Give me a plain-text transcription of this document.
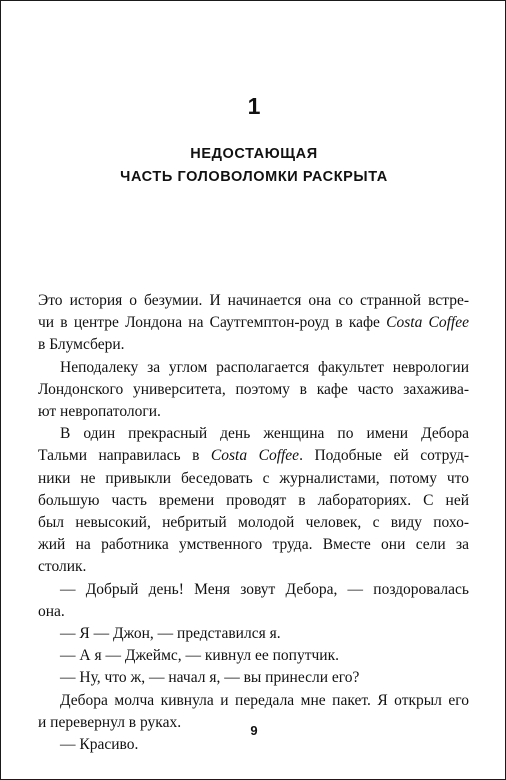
1
НЕДОСТАЮЩАЯ
ЧАСТЬ ГОЛОВОЛОМКИ РАСКРЫТА
Это история о безумии. И начинается она со странной встре-
чи в центре Лондона на Саутгемптон-роуд в кафе Costa Coffee
в Блумсбери.
Неподалеку за углом располагается факультет неврологии
Лондонского университета, поэтому в кафе часто захаживa-
ют невропатологи.
В один прекрасный день женщина по имени Дебора
Тальми направилась в Costa Coffee. Подобные ей сотруд-
ники не привыкли беседовать с журналистами, потому что
большую часть времени проводят в лабораториях. С ней
был невысокий, небритый молодой человек, с виду похо-
жий на работника умственного труда. Вместе они сели за
столик.
— Добрый день! Меня зовут Дебора, — поздоровалась
она.
— Я — Джон, — представился я.
— А я — Джеймс, — кивнул ее попутчик.
— Ну, что ж, — начал я, — вы принесли его?
Дебора молча кивнула и передала мне пакет. Я открыл его
и перевернул в руках.
— Красиво.
9
